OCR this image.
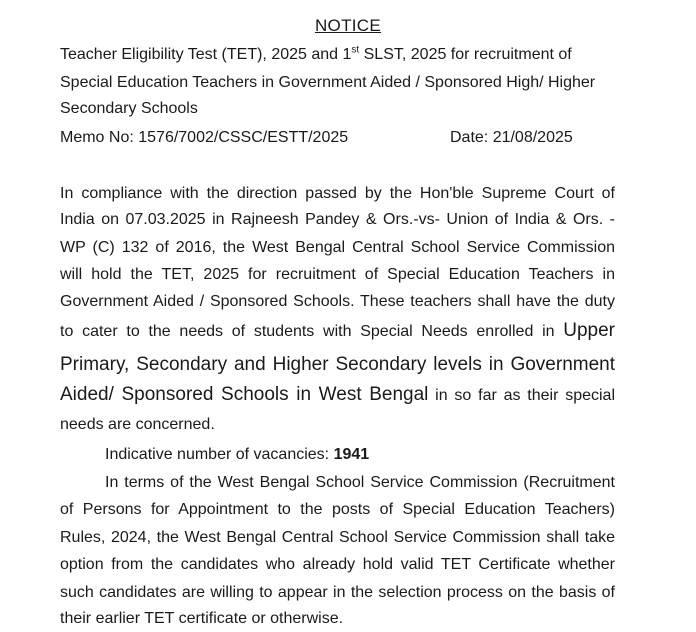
NOTICE
Teacher Eligibility Test (TET), 2025 and 1st SLST, 2025 for recruitment of
Special Education Teachers in Government Aided / Sponsored High/ Higher
Secondary Schools
Memo No: 1576/7002/CSSC/ESTT/2025	Date: 21/08/2025
In compliance with the direction passed by the Hon'ble Supreme Court of
India on 07.03.2025 in Rajneesh Pandey & Ors.-vs- Union of India & Ors. -
WP (C) 132 of 2016, the West Bengal Central School Service Commission
will hold the TET, 2025 for recruitment of Special Education Teachers in
Government Aided / Sponsored Schools. These teachers shall have the duty
to cater to the needs of students with Special Needs enrolled in Upper
Primary, Secondary and Higher Secondary levels in Government
Aided/ Sponsored Schools in West Bengal in so far as their special
needs are concerned.
Indicative number of vacancies: 1941
In terms of the West Bengal School Service Commission (Recruitment
of Persons for Appointment to the posts of Special Education Teachers)
Rules, 2024, the West Bengal Central School Service Commission shall take
option from the candidates who already hold valid TET Certificate whether
such candidates are willing to appear in the selection process on the basis of
their earlier TET certificate or otherwise.
